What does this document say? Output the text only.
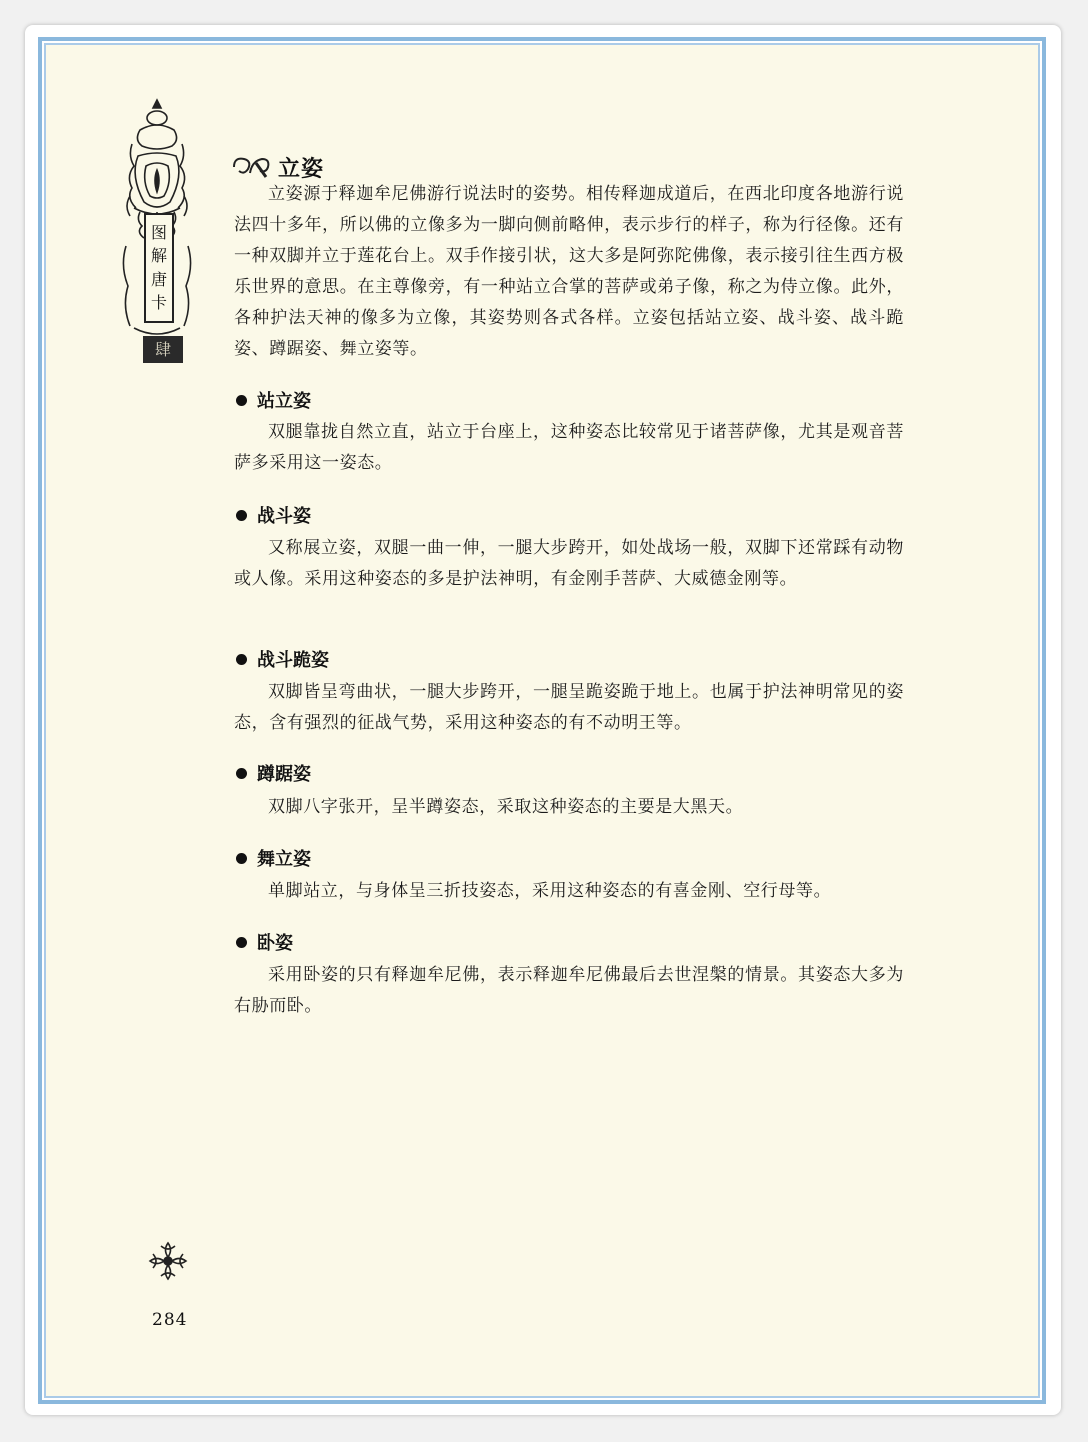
图
解
唐
卡
肆
立姿

立姿源于释迦牟尼佛游行说法时的姿势。相传释迦成道后，在西北印度各地游行说法四十多年，所以佛的立像多为一脚向侧前略伸，表示步行的样子，称为行径像。还有一种双脚并立于莲花台上。双手作接引状，这大多是阿弥陀佛像，表示接引往生西方极乐世界的意思。在主尊像旁，有一种站立合掌的菩萨或弟子像，称之为侍立像。此外，各种护法天神的像多为立像，其姿势则各式各样。立姿包括站立姿、战斗姿、战斗跪姿、蹲踞姿、舞立姿等。

站立姿

双腿靠拢自然立直，站立于台座上，这种姿态比较常见于诸菩萨像，尤其是观音菩萨多采用这一姿态。

战斗姿

又称展立姿，双腿一曲一伸，一腿大步跨开，如处战场一般，双脚下还常踩有动物或人像。采用这种姿态的多是护法神明，有金刚手菩萨、大威德金刚等。

战斗跪姿

双脚皆呈弯曲状，一腿大步跨开，一腿呈跪姿跪于地上。也属于护法神明常见的姿态，含有强烈的征战气势，采用这种姿态的有不动明王等。

蹲踞姿

双脚八字张开，呈半蹲姿态，采取这种姿态的主要是大黑天。

舞立姿

单脚站立，与身体呈三折技姿态，采用这种姿态的有喜金刚、空行母等。

卧姿

采用卧姿的只有释迦牟尼佛，表示释迦牟尼佛最后去世涅槃的情景。其姿态大多为右胁而卧。

284
